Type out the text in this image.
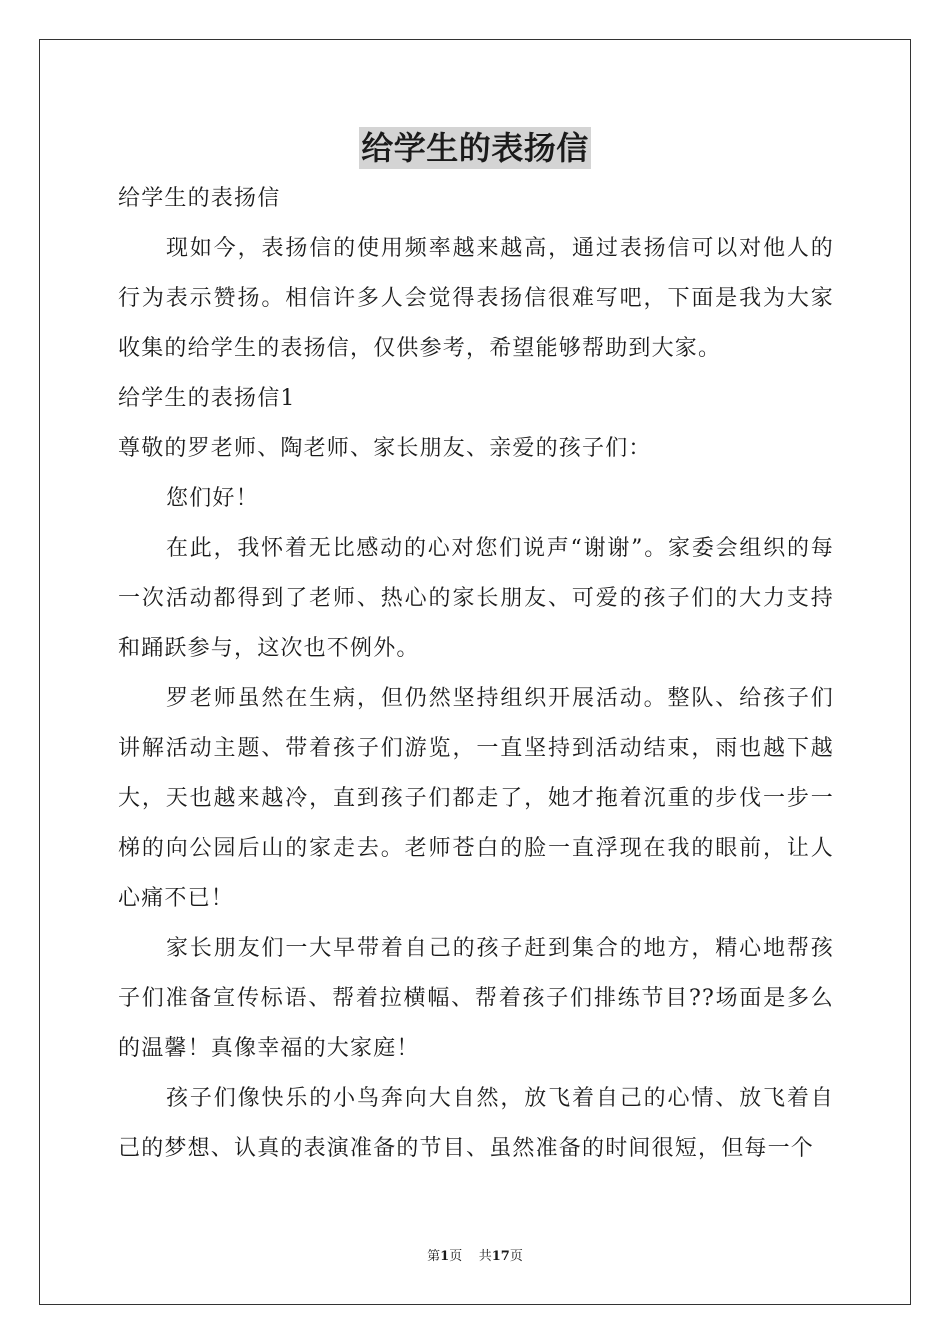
给学生的表扬信
给学生的表扬信

现如今，表扬信的使用频率越来越高，通过表扬信可以对他人的行为表示赞扬。相信许多人会觉得表扬信很难写吧，下面是我为大家收集的给学生的表扬信，仅供参考，希望能够帮助到大家。

给学生的表扬信1
尊敬的罗老师、陶老师、家长朋友、亲爱的孩子们：

您们好！

在此，我怀着无比感动的心对您们说声“谢谢”。家委会组织的每一次活动都得到了老师、热心的家长朋友、可爱的孩子们的大力支持和踊跃参与，这次也不例外。

罗老师虽然在生病，但仍然坚持组织开展活动。整队、给孩子们讲解活动主题、带着孩子们游览，一直坚持到活动结束，雨也越下越大，天也越来越冷，直到孩子们都走了，她才拖着沉重的步伐一步一梯的向公园后山的家走去。老师苍白的脸一直浮现在我的眼前，让人心痛不已！

家长朋友们一大早带着自己的孩子赶到集合的地方，精心地帮孩子们准备宣传标语、帮着拉横幅、帮着孩子们排练节目??场面是多么的温馨！真像幸福的大家庭！

孩子们像快乐的小鸟奔向大自然，放飞着自己的心情、放飞着自己的梦想、认真的表演准备的节目、虽然准备的时间很短，但每一个

第1页 共17页
